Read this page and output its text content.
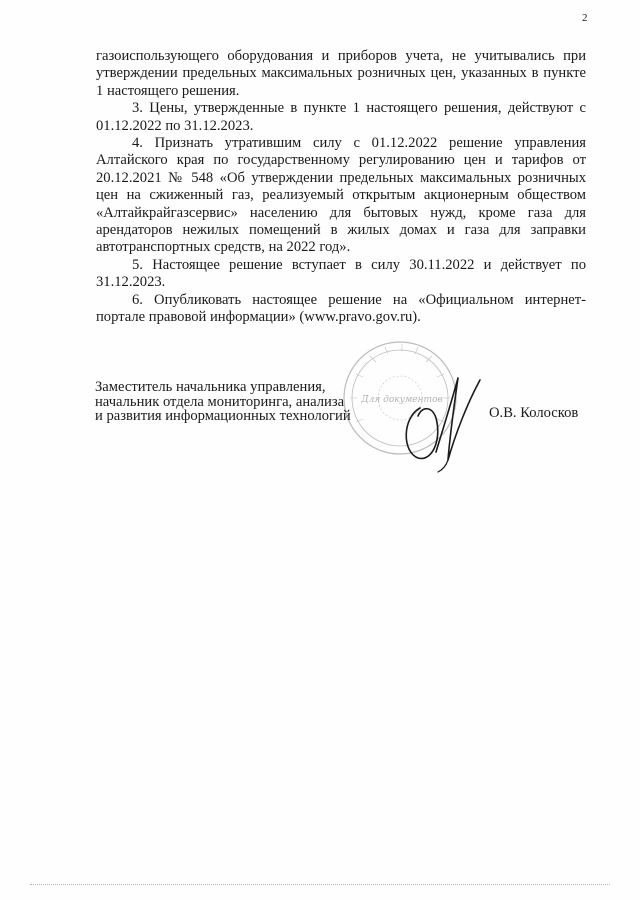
2

газоиспользующего оборудования и приборов учета, не учитывались при утверждении предельных максимальных розничных цен, указанных в пункте 1 настоящего решения.

3. Цены, утвержденные в пункте 1 настоящего решения, действуют с 01.12.2022 по 31.12.2023.

4. Признать утратившим силу с 01.12.2022 решение управления Алтайского края по государственному регулированию цен и тарифов от 20.12.2021 № 548 «Об утверждении предельных максимальных розничных цен на сжиженный газ, реализуемый открытым акционерным обществом «Алтайкрайгазсервис» населению для бытовых нужд, кроме газа для арендаторов нежилых помещений в жилых домах и газа для заправки автотранспортных средств, на 2022 год».

5. Настоящее решение вступает в силу 30.11.2022 и действует по 31.12.2023.

6. Опубликовать настоящее решение на «Официальном интернет-портале правовой информации» (www.pravo.gov.ru).

Для документов
Заместитель начальника управления,
начальник отдела мониторинга, анализа
и развития информационных технологий	О.В. Колосков
